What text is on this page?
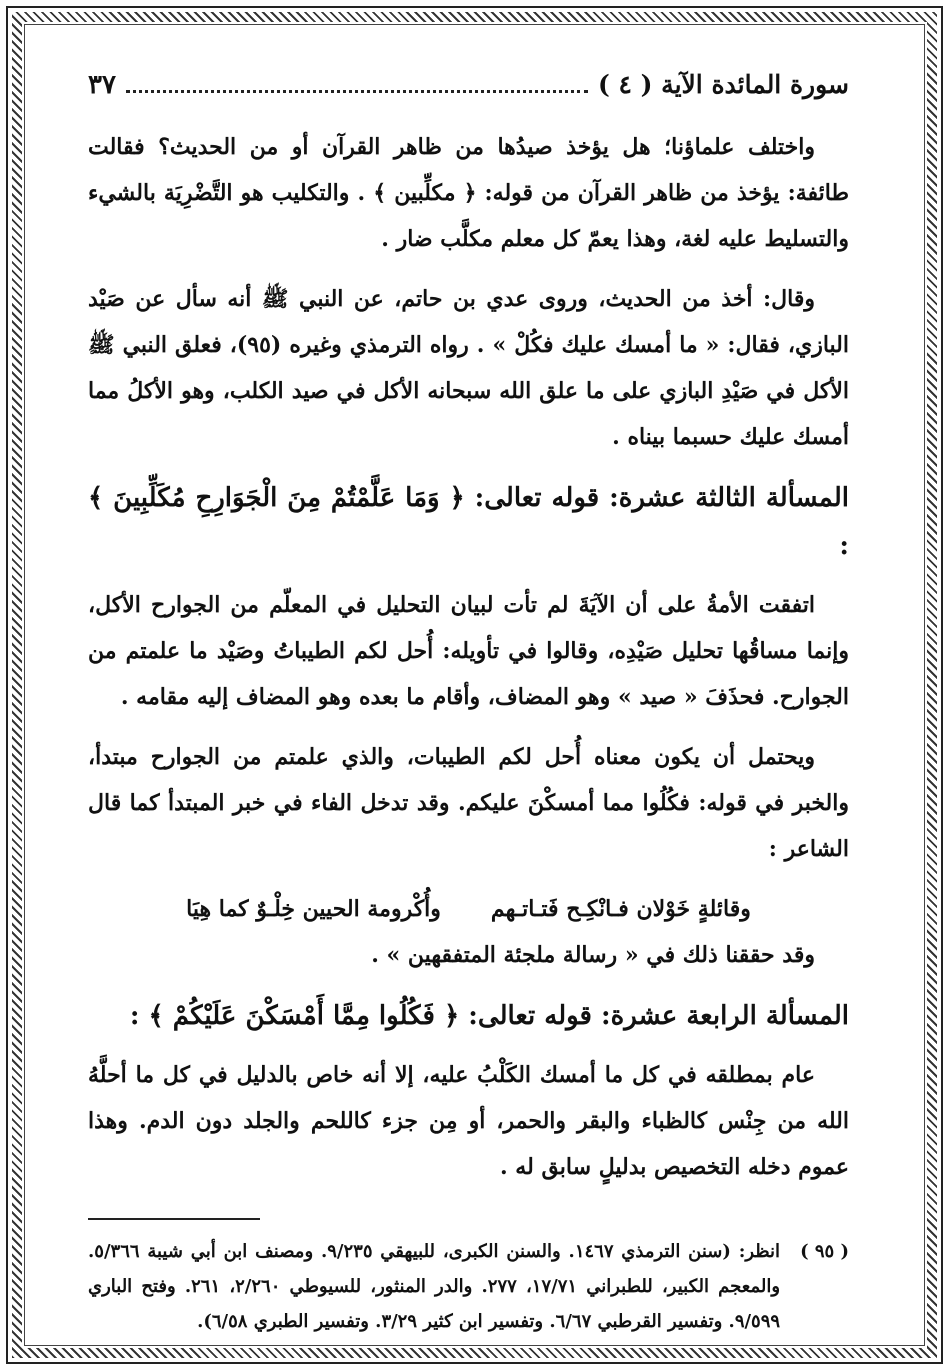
سورة المائدة الآية ( ٤ )
٣٧

واختلف علماؤنا؛ هل يؤخذ صيدُها من ظاهر القرآن أو من الحديث؟ فقالت طائفة: يؤخذ من ظاهر القرآن من قوله: ﴿ مكلِّبين ﴾ . والتكليب هو التَّضْرِيَة بالشيء والتسليط عليه لغة، وهذا يعمّ كل معلم مكلَّب ضار .

وقال: أخذ من الحديث، وروى عدي بن حاتم، عن النبي ﷺ أنه سأل عن صَيْد البازي، فقال: « ما أمسك عليك فكُلْ » . رواه الترمذي وغيره (٩٥)، فعلق النبي ﷺ الأكل في صَيْدِ البازي على ما علق الله سبحانه الأكل في صيد الكلب، وهو الأكلُ مما أمسك عليك حسبما بيناه .

المسألة الثالثة عشرة: قوله تعالى: ﴿ وَمَا عَلَّمْتُمْ مِنَ الْجَوَارِحِ مُكَلِّبِينَ ﴾ :

اتفقت الأمةُ على أن الآيَةَ لم تأت لبيان التحليل في المعلّم من الجوارح الأكل، وإنما مساقُها تحليل صَيْدِه، وقالوا في تأويله: أُحل لكم الطيباتُ وصَيْد ما علمتم من الجوارح. فحذَفَ « صيد » وهو المضاف، وأقام ما بعده وهو المضاف إليه مقامه .

ويحتمل أن يكون معناه أُحل لكم الطيبات، والذي علمتم من الجوارح مبتدأ، والخبر في قوله: فكُلُوا مما أمسكْنَ عليكم. وقد تدخل الفاء في خبر المبتدأ كما قال الشاعر :

وقائلةٍ خَوْلان فـانْكِـح فَتـاتـهم
وأُكْرومة الحيين خِلْـوٌ كما هِيَا

وقد حققنا ذلك في « رسالة ملجئة المتفقهين » .

المسألة الرابعة عشرة: قوله تعالى: ﴿ فَكُلُوا مِمَّا أَمْسَكْنَ عَلَيْكُمْ ﴾ :

عام بمطلقه في كل ما أمسك الكَلْبُ عليه، إلا أنه خاص بالدليل في كل ما أحلَّهُ الله من جِنْس كالظباء والبقر والحمر، أو مِن جزء كاللحم والجلد دون الدم. وهذا عموم دخله التخصيص بدليلٍ سابق له .

( ٩٥ )
انظر: (سنن الترمذي ١٤٦٧. والسنن الكبرى، للبيهقي ٩/٢٣٥. ومصنف ابن أبي شيبة ٥/٣٦٦. والمعجم الكبير، للطبراني ١٧/٧١، ٢٧٧. والدر المنثور، للسيوطي ٢/٢٦٠، ٢٦١. وفتح الباري ٩/٥٩٩. وتفسير القرطبي ٦/٦٧. وتفسير ابن كثير ٣/٢٩. وتفسير الطبري ٦/٥٨).
